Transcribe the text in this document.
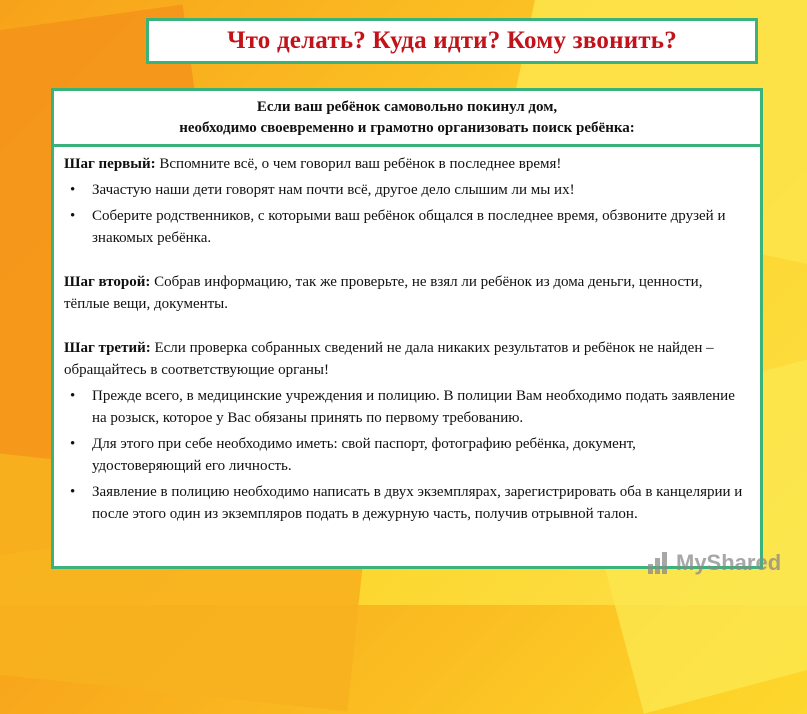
Что делать? Куда идти? Кому звонить?
Если ваш ребёнок самовольно покинул дом,
необходимо своевременно и грамотно организовать поиск ребёнка:

Шаг первый: Вспомните всё, о чем говорил ваш ребёнок в последнее время!

• Зачастую наши дети говорят нам почти всё, другое дело слышим ли мы их!
• Соберите родственников, с которыми ваш ребёнок общался в последнее время, обзвоните друзей и знакомых ребёнка.

Шаг второй: Собрав информацию, так же проверьте, не взял ли ребёнок из дома деньги, ценности, тёплые вещи, документы.

Шаг третий: Если проверка собранных сведений не дала никаких результатов и ребёнок не найден – обращайтесь в соответствующие органы!

• Прежде всего, в медицинские учреждения и полицию. В полиции Вам необходимо подать заявление на розыск, которое у Вас обязаны принять по первому требованию.
• Для этого при себе необходимо иметь: свой паспорт, фотографию ребёнка, документ, удостоверяющий его личность.
• Заявление в полицию необходимо написать в двух экземплярах, зарегистрировать оба в канцелярии и после этого один из экземпляров подать в дежурную часть, получив отрывной талон.
MyShared
